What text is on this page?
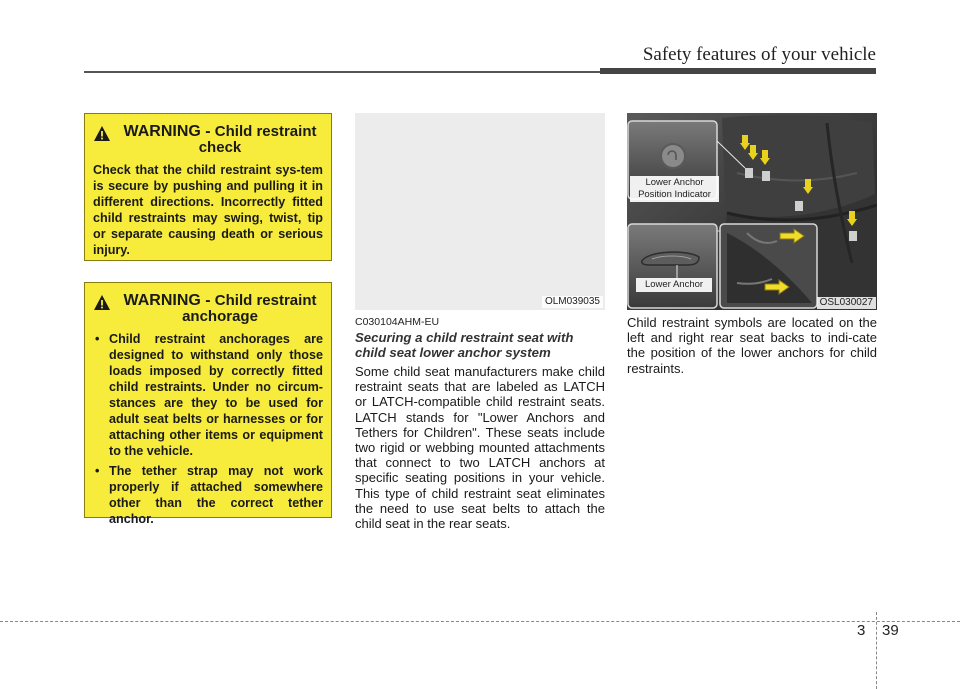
Safety features of your vehicle
WARNING - Child restraint check
Check that the child restraint sys-tem is secure by pushing and pulling it in different directions. Incorrectly fitted child restraints may swing, twist, tip or separate causing death or serious injury.
WARNING - Child restraint anchorage
• Child restraint anchorages are designed to withstand only those loads imposed by correctly fitted child restraints. Under no circum-stances are they to be used for adult seat belts or harnesses or for attaching other items or equipment to the vehicle.
• The tether strap may not work properly if attached somewhere other than the correct tether anchor.
OLM039035
Lower Anchor Position Indicator
Lower Anchor
OSL030027
C030104AHM-EU
Securing a child restraint seat with child seat lower anchor system
Some child seat manufacturers make child restraint seats that are labeled as LATCH or LATCH-compatible child restraint seats. LATCH stands for "Lower Anchors and Tethers for Children". These seats include two rigid or webbing mounted attachments that connect to two LATCH anchors at specific seating positions in your vehicle. This type of child restraint seat eliminates the need to use seat belts to attach the child seat in the rear seats.
Child restraint symbols are located on the left and right rear seat backs to indi-cate the position of the lower anchors for child restraints.
3 39
